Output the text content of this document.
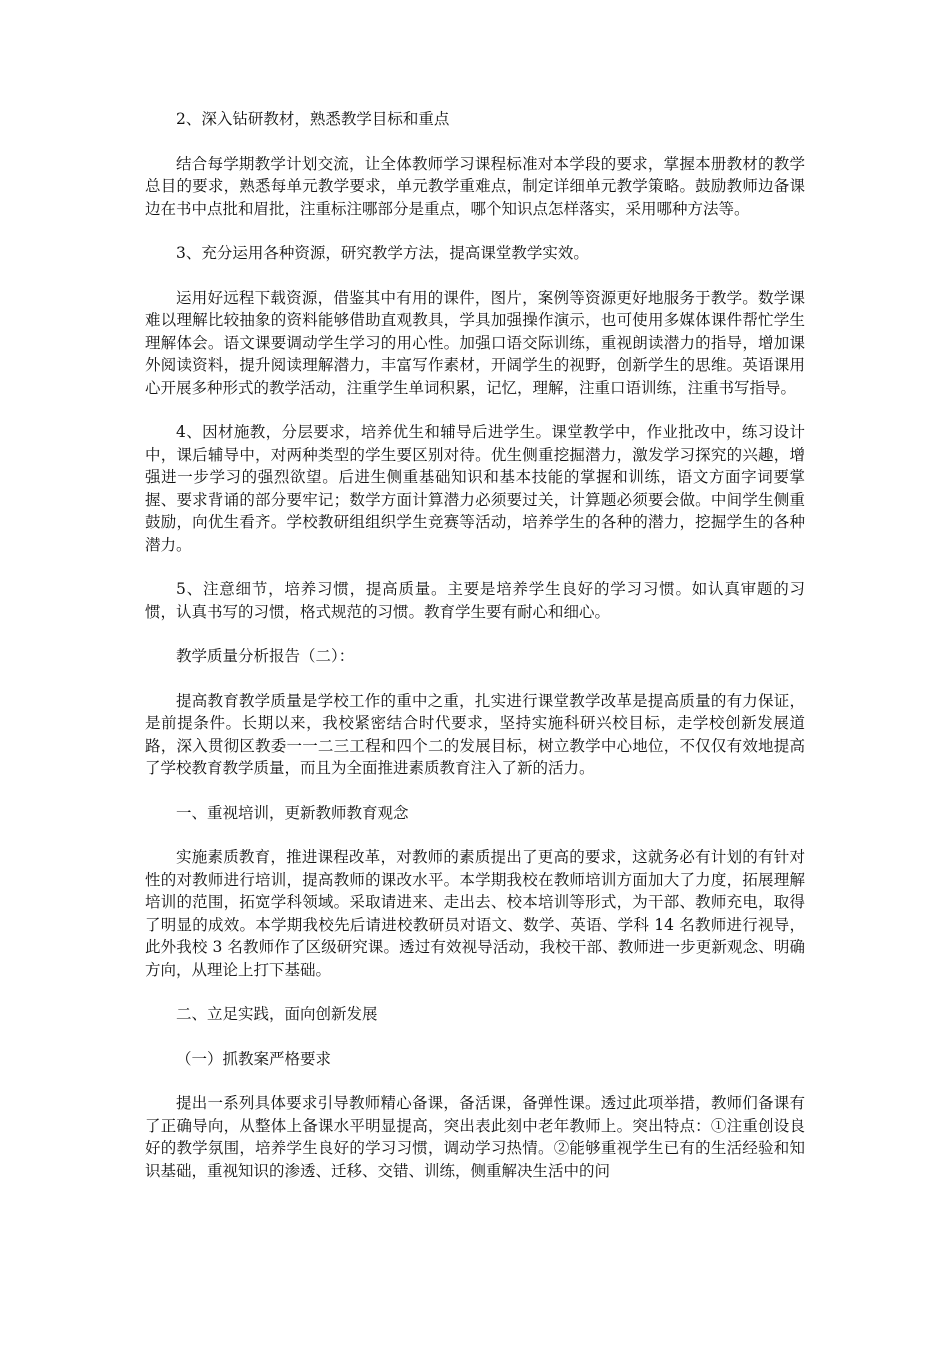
2、深入钻研教材，熟悉教学目标和重点
结合每学期教学计划交流，让全体教师学习课程标准对本学段的要求，掌握本册教材的教学总目的要求，熟悉每单元教学要求，单元教学重难点，制定详细单元教学策略。鼓励教师边备课边在书中点批和眉批，注重标注哪部分是重点，哪个知识点怎样落实，采用哪种方法等。
3、充分运用各种资源，研究教学方法，提高课堂教学实效。
运用好远程下载资源，借鉴其中有用的课件，图片，案例等资源更好地服务于教学。数学课难以理解比较抽象的资料能够借助直观教具，学具加强操作演示，也可使用多媒体课件帮忙学生理解体会。语文课要调动学生学习的用心性。加强口语交际训练，重视朗读潜力的指导，增加课外阅读资料，提升阅读理解潜力，丰富写作素材，开阔学生的视野，创新学生的思维。英语课用心开展多种形式的教学活动，注重学生单词积累，记忆，理解，注重口语训练，注重书写指导。
4、因材施教，分层要求，培养优生和辅导后进学生。课堂教学中，作业批改中，练习设计中，课后辅导中，对两种类型的学生要区别对待。优生侧重挖掘潜力，激发学习探究的兴趣，增强进一步学习的强烈欲望。后进生侧重基础知识和基本技能的掌握和训练，语文方面字词要掌握、要求背诵的部分要牢记；数学方面计算潜力必须要过关，计算题必须要会做。中间学生侧重鼓励，向优生看齐。学校教研组组织学生竞赛等活动，培养学生的各种的潜力，挖掘学生的各种潜力。
5、注意细节，培养习惯，提高质量。主要是培养学生良好的学习习惯。如认真审题的习惯，认真书写的习惯，格式规范的习惯。教育学生要有耐心和细心。
教学质量分析报告（二）：
提高教育教学质量是学校工作的重中之重，扎实进行课堂教学改革是提高质量的有力保证，是前提条件。长期以来，我校紧密结合时代要求，坚持实施科研兴校目标，走学校创新发展道路，深入贯彻区教委一一二三工程和四个二的发展目标，树立教学中心地位，不仅仅有效地提高了学校教育教学质量，而且为全面推进素质教育注入了新的活力。
一、重视培训，更新教师教育观念
实施素质教育，推进课程改革，对教师的素质提出了更高的要求，这就务必有计划的有针对性的对教师进行培训，提高教师的课改水平。本学期我校在教师培训方面加大了力度，拓展理解培训的范围，拓宽学科领域。采取请进来、走出去、校本培训等形式，为干部、教师充电，取得了明显的成效。本学期我校先后请进校教研员对语文、数学、英语、学科 14 名教师进行视导，此外我校 3 名教师作了区级研究课。透过有效视导活动，我校干部、教师进一步更新观念、明确方向，从理论上打下基础。
二、立足实践，面向创新发展
（一）抓教案严格要求
提出一系列具体要求引导教师精心备课，备活课，备弹性课。透过此项举措，教师们备课有了正确导向，从整体上备课水平明显提高，突出表此刻中老年教师上。突出特点：①注重创设良好的教学氛围，培养学生良好的学习习惯，调动学习热情。②能够重视学生已有的生活经验和知识基础，重视知识的渗透、迁移、交错、训练，侧重解决生活中的问
